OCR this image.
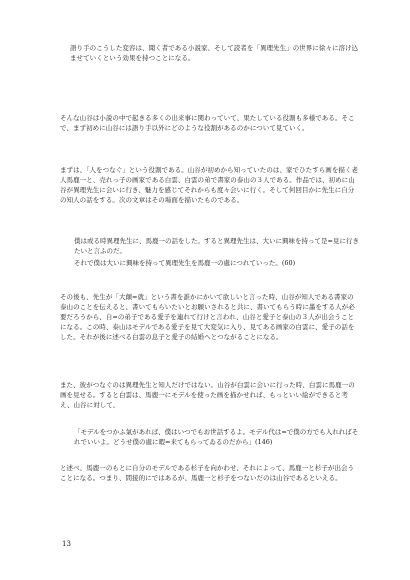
語り手のこうした変容は、聞く者である小説家、そして読者を「異理先生」の世界に徐々に溶け込ませていくという効果を持つことになる。

そんな山谷は小説の中で起きる多くの出来事に関わっていて、果たしている役割も多様である。そこで、まず初めに山谷には語り手以外にどのような役割があるのかについて見ていく。

まずは、「人をつなぐ」という役割である。山谷が初めから知っていたのは、家でひたすら画を描く老人馬鹿一と、売れっ子の画家である白雲、白雲の弟で書家の泰山の３人である。作品では、初めに山谷が異理先生に会いに行き、魅力を感じてそれからも度々会いに行く。そして何回目かに先生に自分の知人の話をする。次の文章はその場面を描いたものである。

僕は或る時異理先生に、馬鹿一の話をした。すると異理先生は、大いに興味を持って是=見に行きたいと言ふのだ。

それで僕は大いに興味を持って異理先生を馬鹿一の處につれていった。(60)

その後も、先生が「大顛=就」という書を誰かにかいて欲しいと言った時、山谷が知人である書家の泰山のことを伝えると、書いてもらいたいとお願いされると共に、書いてもらう時に墨をする人が必要だろうから、自=の弟子である愛子を連れて行けと言われ、山谷と愛子と泰山の３人が出会うことになる。この時、泰山はモデルである愛子を見て大変気に入り、見てある画家の白雲に、愛子の話をした。それが後に述べる白雲の息子と愛子の結婚へとつながることになる。

また、彼がつなぐのは異理先生と知人だけではない。山谷が白雲に会いに行った時、白雲に馬鹿一の画を見せる。すると白雲は、馬鹿一にモデルを使った画を描かせれば、もっといい絵ができると考え、山谷に対して、

「モデルをつかふ氣があれば、僕はいつでもお世話するよ。モデル代は=で僕の方でも入れればそれでいいよ。どうせ僕の處に暇=来てもらってゐるのだから」(146)

と述べ、馬鹿一のもとに自分のモデルである杉子を向かわせ、それによって、馬鹿一と杉子が出会うことになる。つまり、間接的にではあるが、馬鹿一と杉子をつないだのは山谷であるといえる。

13
